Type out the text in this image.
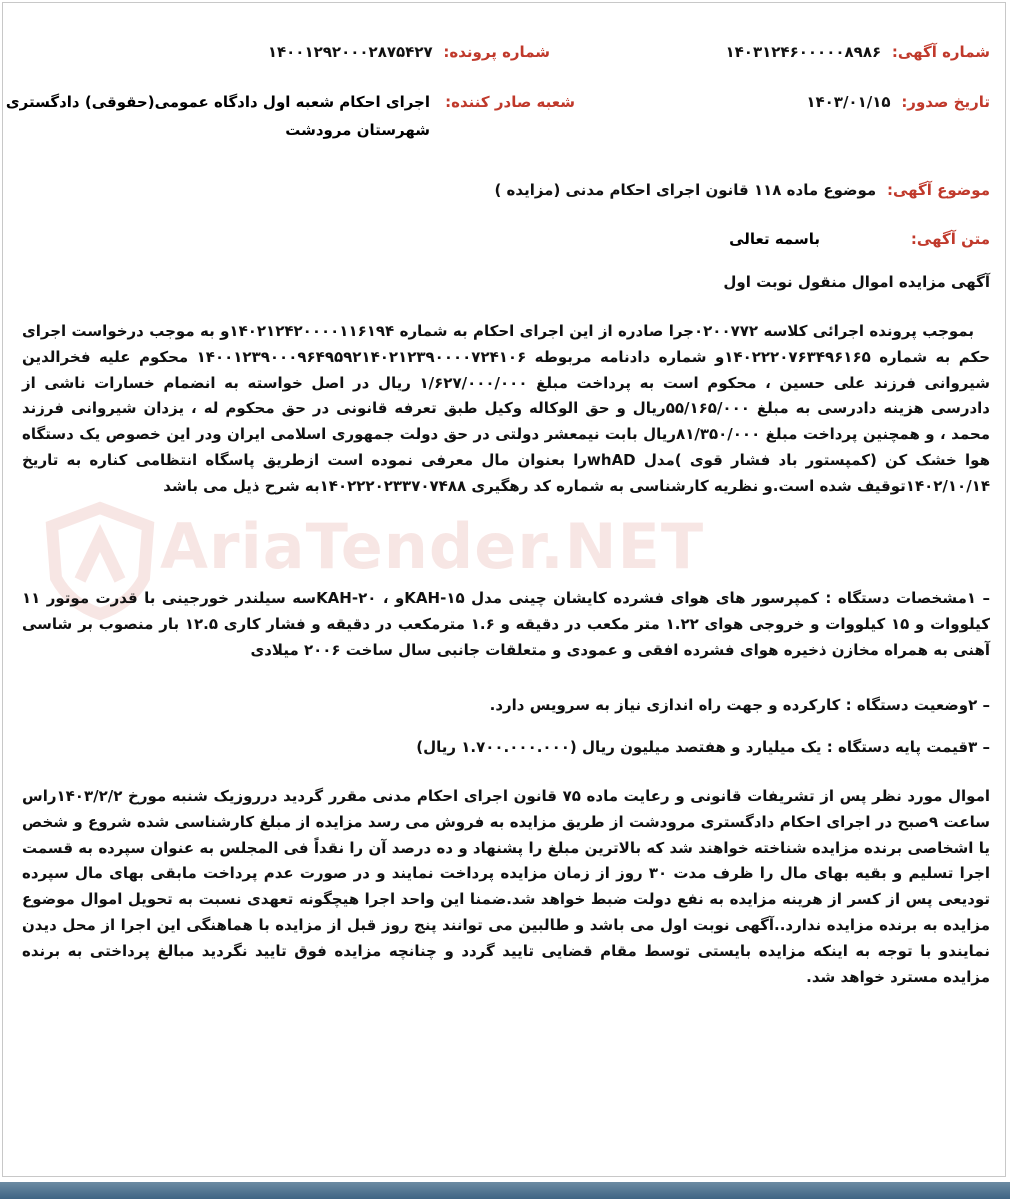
شماره آگهی: ۱۴۰۳۱۲۴۶۰۰۰۰۰۸۹۸۶
شماره پرونده: ۱۴۰۰۱۲۹۲۰۰۰۲۸۷۵۴۲۷
تاریخ صدور: ۱۴۰۳/۰۱/۱۵
شعبه صادر کننده:
اجرای احکام شعبه اول دادگاه عمومی(حقوقی) دادگستری
شهرستان مرودشت
موضوع آگهی: موضوع ماده ۱۱۸ قانون اجرای احکام مدنی (مزایده )
متن آگهی:
باسمه تعالی
آگهی مزایده اموال منقول نوبت اول
بموجب پرونده اجرائی کلاسه ۰۲۰۰۷۷۲جرا صادره از این اجرای احکام به شماره ۱۴۰۲۱۲۴۲۰۰۰۰۱۱۶۱۹۴و به موجب درخواست اجرای حکم به شماره ۱۴۰۲۲۲۰۷۶۳۴۹۶۱۶۵و شماره دادنامه مربوطه ۱۴۰۰۱۲۳۹۰۰۰۹۶۴۹۵۹۲۱۴۰۲۱۲۳۹۰۰۰۰۷۲۴۱۰۶ محکوم علیه فخرالدین شیروانی فرزند علی حسین ، محکوم است به پرداخت مبلغ ۱/۶۲۷/۰۰۰/۰۰۰ ریال در اصل خواسته به انضمام خسارات ناشی از دادرسی هزینه دادرسی به مبلغ ۵۵/۱۶۵/۰۰۰ریال و حق الوکاله وکیل طبق تعرفه قانونی در حق محکوم له ، یزدان شیروانی فرزند محمد ، و همچنین پرداخت مبلغ ۸۱/۳۵۰/۰۰۰ریال بابت نیمعشر دولتی در حق دولت جمهوری اسلامی ایران ودر این خصوص یک دستگاه هوا خشک کن (کمپستور باد فشار قوی )مدل whADرا بعنوان مال معرفی نموده است ازطریق پاسگاه انتظامی کناره به تاریخ ۱۴۰۲/۱۰/۱۴توقیف شده است.و نظریه کارشناسی به شماره کد رهگیری ۱۴۰۲۲۲۰۲۳۳۷۰۷۴۸۸به شرح ذیل می باشد
– ۱مشخصات دستگاه : کمپرسور های هوای فشرده کایشان چینی مدل ۱۵-KAHو ، ۲۰-KAHسه سیلندر خورجینی با قدرت موتور ۱۱ کیلووات و ۱۵ کیلووات و خروجی هوای ۱.۲۲ متر مکعب در دقیقه و ۱.۶ مترمکعب در دقیقه و فشار کاری ۱۲.۵ بار منصوب بر شاسی آهنی به همراه مخازن ذخیره هوای فشرده افقی و عمودی و متعلقات جانبی سال ساخت ۲۰۰۶ میلادی
– ۲وضعیت دستگاه : کارکرده و جهت راه اندازی نیاز به سرویس دارد.
– ۳قیمت پایه دستگاه : یک میلیارد و هفتصد میلیون ریال (۱.۷۰۰.۰۰۰.۰۰۰ ریال)
اموال مورد نظر پس از تشریفات قانونی و رعایت ماده ۷۵ قانون اجرای احکام مدنی مقرر گردید درروزیک شنبه مورخ ۱۴۰۳/۲/۲راس ساعت ۹صبح در اجرای احکام دادگستری مرودشت از طریق مزایده به فروش می رسد مزایده از مبلغ کارشناسی شده شروع و شخص یا اشخاصی برنده مزایده شناخته خواهند شد که بالاترین مبلغ را پشنهاد و ده درصد آن را نقداً فی المجلس به عنوان سپرده به قسمت اجرا تسلیم و بقیه بهای مال را ظرف مدت ۳۰ روز از زمان مزایده پرداخت نمایند و در صورت عدم پرداخت مابقی بهای مال سپرده تودیعی پس از کسر از هرینه مزایده به نفع دولت ضبط خواهد شد.ضمنا این واحد اجرا هیچگونه تعهدی نسبت به تحویل اموال موضوع مزایده به برنده مزایده ندارد..آگهی نوبت اول می باشد و طالبین می توانند پنج روز قبل از مزایده با هماهنگی این اجرا از محل دیدن نمایندو با توجه به اینکه مزایده بایستی توسط مقام قضایی تایید گردد و چنانچه مزایده فوق تایید نگردید مبالغ پرداختی به برنده مزایده مسترد خواهد شد.
